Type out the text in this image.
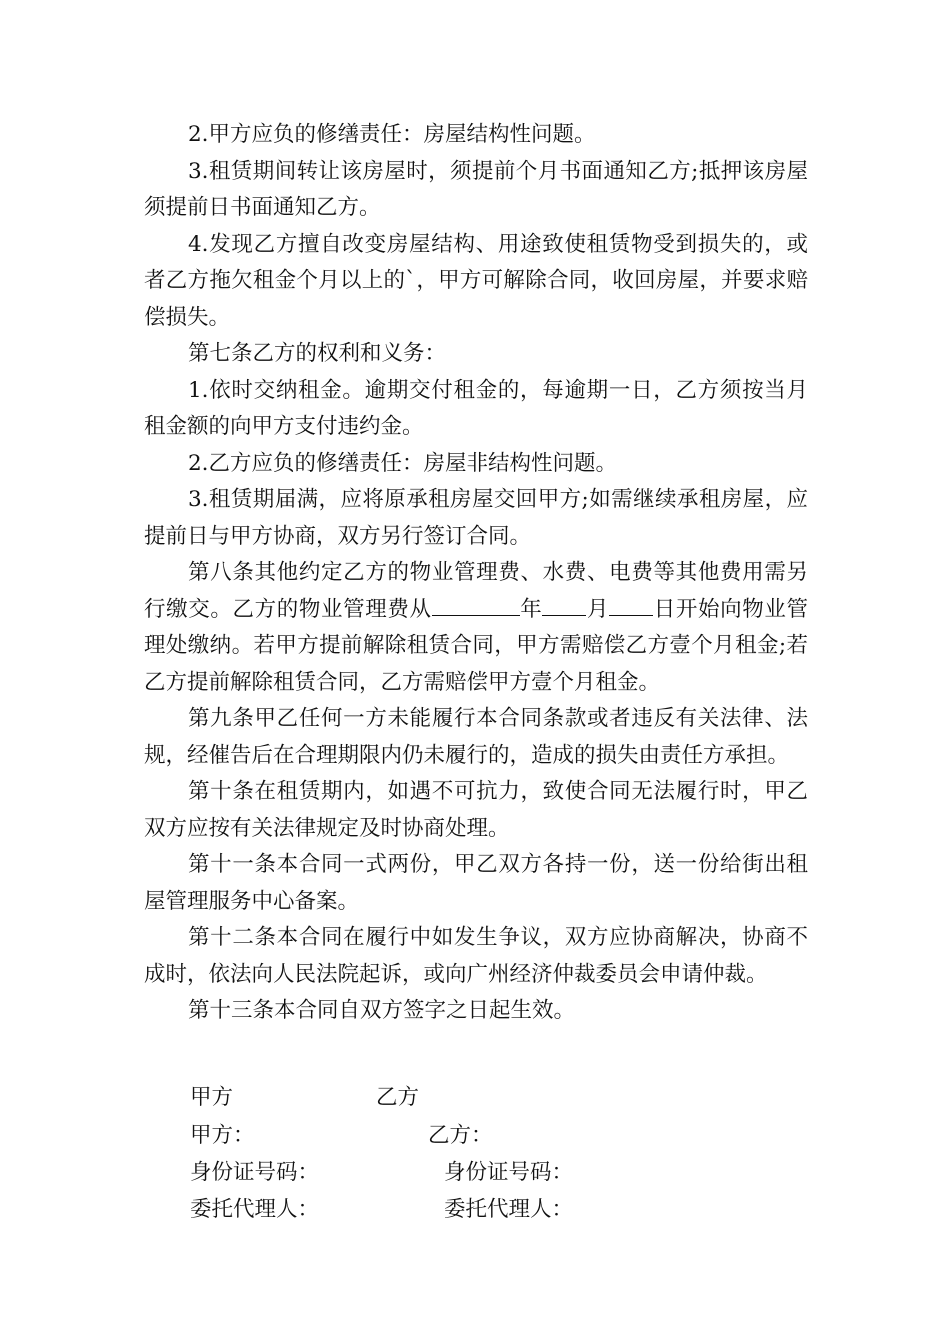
2.甲方应负的修缮责任：房屋结构性问题。

3.租赁期间转让该房屋时，须提前个月书面通知乙方;抵押该房屋须提前日书面通知乙方。

4.发现乙方擅自改变房屋结构、用途致使租赁物受到损失的，或者乙方拖欠租金个月以上的`，甲方可解除合同，收回房屋，并要求赔偿损失。

第七条乙方的权利和义务：

1.依时交纳租金。逾期交付租金的，每逾期一日，乙方须按当月租金额的向甲方支付违约金。

2.乙方应负的修缮责任：房屋非结构性问题。

3.租赁期届满，应将原承租房屋交回甲方;如需继续承租房屋，应提前日与甲方协商，双方另行签订合同。

第八条其他约定乙方的物业管理费、水费、电费等其他费用需另行缴交。乙方的物业管理费从	年 月 日开始向物业管理处缴纳。若甲方提前解除租赁合同，甲方需赔偿乙方壹个月租金;若乙方提前解除租赁合同，乙方需赔偿甲方壹个月租金。

第九条甲乙任何一方未能履行本合同条款或者违反有关法律、法规，经催告后在合理期限内仍未履行的，造成的损失由责任方承担。

第十条在租赁期内，如遇不可抗力，致使合同无法履行时，甲乙双方应按有关法律规定及时协商处理。

第十一条本合同一式两份，甲乙双方各持一份，送一份给街出租屋管理服务中心备案。

第十二条本合同在履行中如发生争议，双方应协商解决，协商不成时，依法向人民法院起诉，或向广州经济仲裁委员会申请仲裁。

第十三条本合同自双方签字之日起生效。

甲方	乙方
甲方：	乙方：
身份证号码：	身份证号码：
委托代理人：	委托代理人：
